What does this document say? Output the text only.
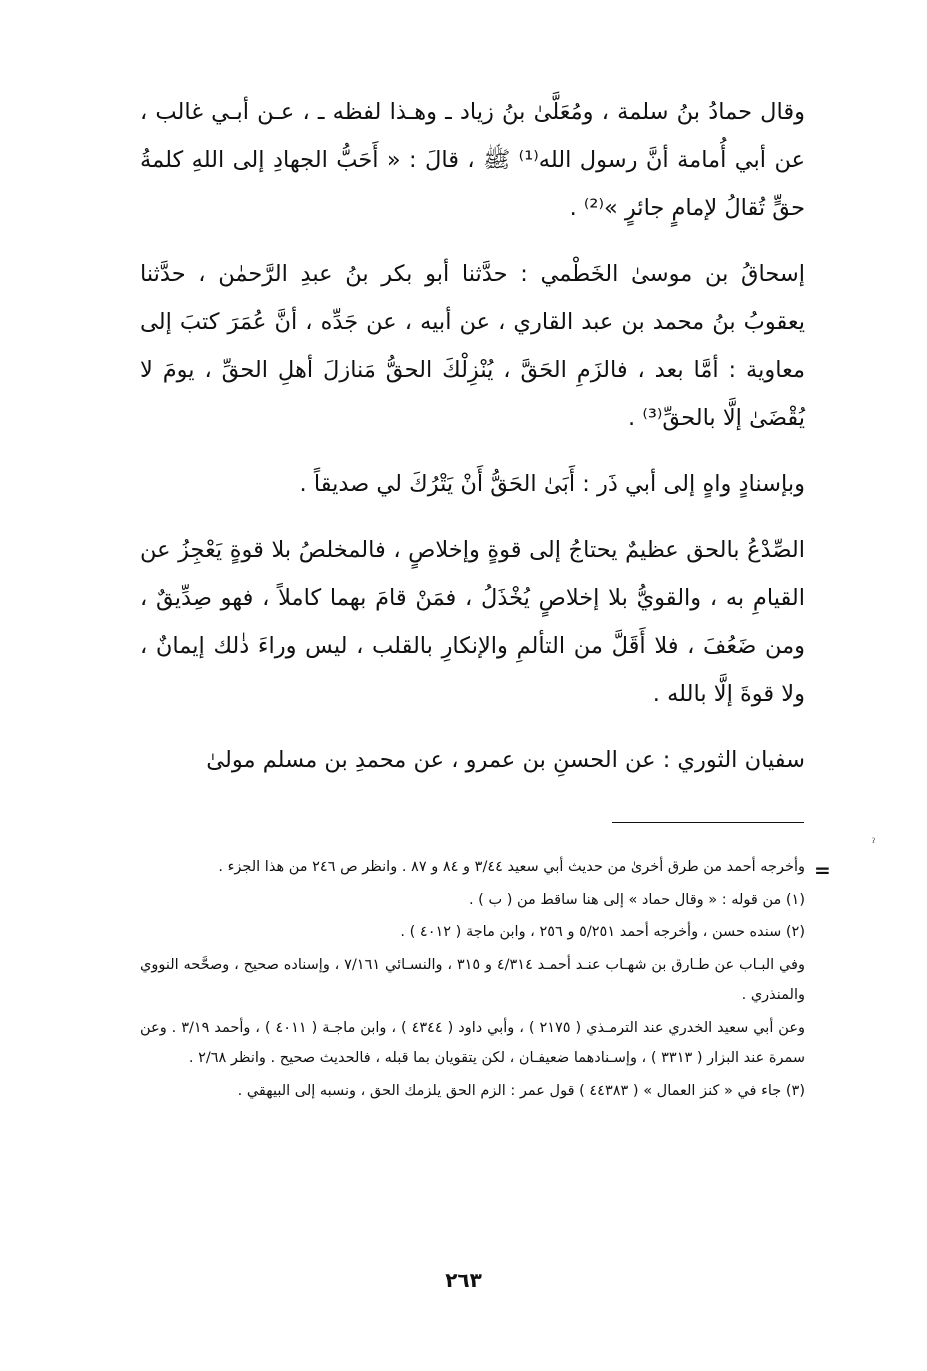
وقال حمادُ بنُ سلمة ، ومُعَلَّىٰ بنُ زياد ـ وهـذا لفظه ـ ، عـن أبـي غالب ، عن أبي أُمامة أنَّ رسول الله⁽¹⁾ ﷺ ، قالَ : « أَحَبُّ الجهادِ إلى اللهِ كلمةُ حقٍّ تُقالُ لإمامٍ جائرٍ »⁽²⁾ .

إسحاقُ بن موسىٰ الخَطْمي : حدَّثنا أبو بكر بنُ عبدِ الرَّحمٰن ، حدَّثنا يعقوبُ بنُ محمد بن عبد القاري ، عن أبيه ، عن جَدِّه ، أنَّ عُمَرَ كتبَ إلى معاوية : أمَّا بعد ، فالزَمِ الحَقَّ ، يُنْزِلْكَ الحقُّ مَنازلَ أهلِ الحقِّ ، يومَ لا يُقْضَىٰ إلَّا بالحقِّ⁽³⁾ .

وبإسنادٍ واهٍ إلى أبي ذَر : أَبَىٰ الحَقُّ أَنْ يَتْرُكَ لي صديقاً .

الصِّدْعُ بالحق عظيمٌ يحتاجُ إلى قوةٍ وإخلاصٍ ، فالمخلصُ بلا قوةٍ يَعْجِزُ عن القيامِ به ، والقويُّ بلا إخلاصٍ يُخْذَلُ ، فمَنْ قامَ بهما كاملاً ، فهو صِدِّيقٌ ، ومن ضَعُفَ ، فلا أَقَلَّ من التألمِ والإنكارِ بالقلب ، ليس وراءَ ذٰلك إيمانٌ ، ولا قوةَ إلَّا بالله .

سفيان الثوري : عن الحسنِ بن عمرو ، عن محمدِ بن مسلم مولىٰ

ˀ
=

وأخرجه أحمد من طرق أخرىٰ من حديث أبي سعيد ٣/٤٤ و ٨٤ و ٨٧ . وانظر ص ٢٤٦ من هذا الجزء .

(١) من قوله : « وقال حماد » إلى هنا ساقط من ( ب ) .

(٢) سنده حسن ، وأخرجه أحمد ٥/٢٥١ و ٢٥٦ ، وابن ماجة ( ٤٠١٢ ) .

وفي البـاب عن طـارق بن شهـاب عنـد أحمـد ٤/٣١٤ و ٣١٥ ، والنسـائي ٧/١٦١ ، وإسناده صحيح ، وصحَّحه النووي والمنذري .

وعن أبي سعيد الخدري عند الترمـذي ( ٢١٧٥ ) ، وأبي داود ( ٤٣٤٤ ) ، وابن ماجـة ( ٤٠١١ ) ، وأحمد ٣/١٩ . وعن سمرة عند البزار ( ٣٣١٣ ) ، وإسـنادهما ضعيفـان ، لكن يتقويان بما قبله ، فالحديث صحيح . وانظر ٢/٦٨ .

(٣) جاء في « كنز العمال » ( ٤٤٣٨٣ ) قول عمر : الزم الحق يلزمك الحق ، ونسبه إلى البيهقي .

٢٦٣
